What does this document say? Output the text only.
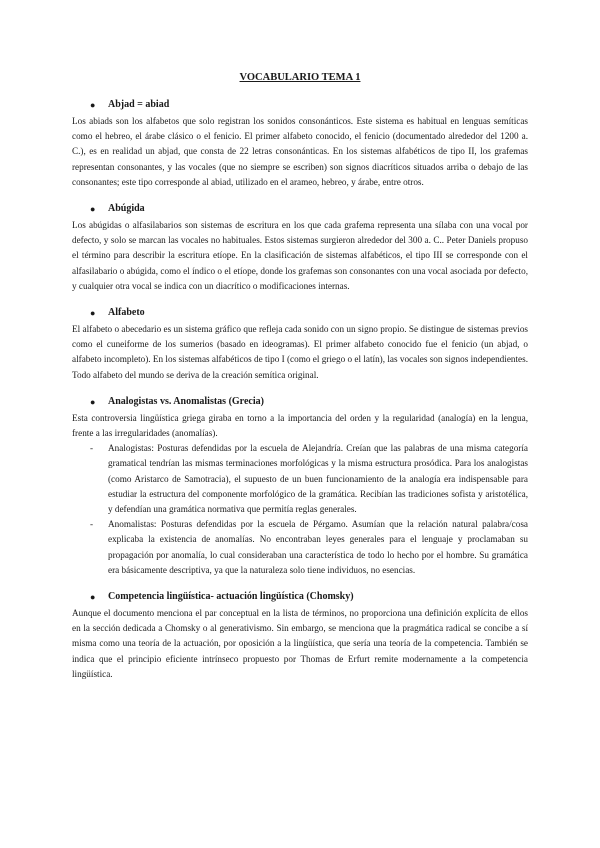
VOCABULARIO TEMA 1
● Abjad = abiad

Los abiads son los alfabetos que solo registran los sonidos consonánticos. Este sistema es habitual en lenguas semíticas como el hebreo, el árabe clásico o el fenicio. El primer alfabeto conocido, el fenicio (documentado alrededor del 1200 a. C.), es en realidad un abjad, que consta de 22 letras consonánticas. En los sistemas alfabéticos de tipo II, los grafemas representan consonantes, y las vocales (que no siempre se escriben) son signos diacríticos situados arriba o debajo de las consonantes; este tipo corresponde al abiad, utilizado en el arameo, hebreo, y árabe, entre otros.

● Abúgida

Los abúgidas o alfasilabarios son sistemas de escritura en los que cada grafema representa una sílaba con una vocal por defecto, y solo se marcan las vocales no habituales. Estos sistemas surgieron alrededor del 300 a. C.. Peter Daniels propuso el término para describir la escritura etíope. En la clasificación de sistemas alfabéticos, el tipo III se corresponde con el alfasilabario o abúgida, como el índico o el etíope, donde los grafemas son consonantes con una vocal asociada por defecto, y cualquier otra vocal se indica con un diacrítico o modificaciones internas.

● Alfabeto

El alfabeto o abecedario es un sistema gráfico que refleja cada sonido con un signo propio. Se distingue de sistemas previos como el cuneiforme de los sumerios (basado en ideogramas). El primer alfabeto conocido fue el fenicio (un abjad, o alfabeto incompleto). En los sistemas alfabéticos de tipo I (como el griego o el latín), las vocales son signos independientes. Todo alfabeto del mundo se deriva de la creación semítica original.

● Analogistas vs. Anomalistas (Grecia)

Esta controversia lingüística griega giraba en torno a la importancia del orden y la regularidad (analogía) en la lengua, frente a las irregularidades (anomalías).

- Analogistas: Posturas defendidas por la escuela de Alejandría. Creían que las palabras de una misma categoría gramatical tendrían las mismas terminaciones morfológicas y la misma estructura prosódica. Para los analogistas (como Aristarco de Samotracia), el supuesto de un buen funcionamiento de la analogía era indispensable para estudiar la estructura del componente morfológico de la gramática. Recibían las tradiciones sofista y aristotélica, y defendían una gramática normativa que permitía reglas generales.

- Anomalistas: Posturas defendidas por la escuela de Pérgamo. Asumían que la relación natural palabra/cosa explicaba la existencia de anomalías. No encontraban leyes generales para el lenguaje y proclamaban su propagación por anomalía, lo cual consideraban una característica de todo lo hecho por el hombre. Su gramática era básicamente descriptiva, ya que la naturaleza solo tiene individuos, no esencias.

● Competencia lingüística- actuación lingüística (Chomsky)

Aunque el documento menciona el par conceptual en la lista de términos, no proporciona una definición explícita de ellos en la sección dedicada a Chomsky o al generativismo. Sin embargo, se menciona que la pragmática radical se concibe a sí misma como una teoría de la actuación, por oposición a la lingüística, que sería una teoría de la competencia. También se indica que el principio eficiente intrínseco propuesto por Thomas de Erfurt remite modernamente a la competencia lingüística.
